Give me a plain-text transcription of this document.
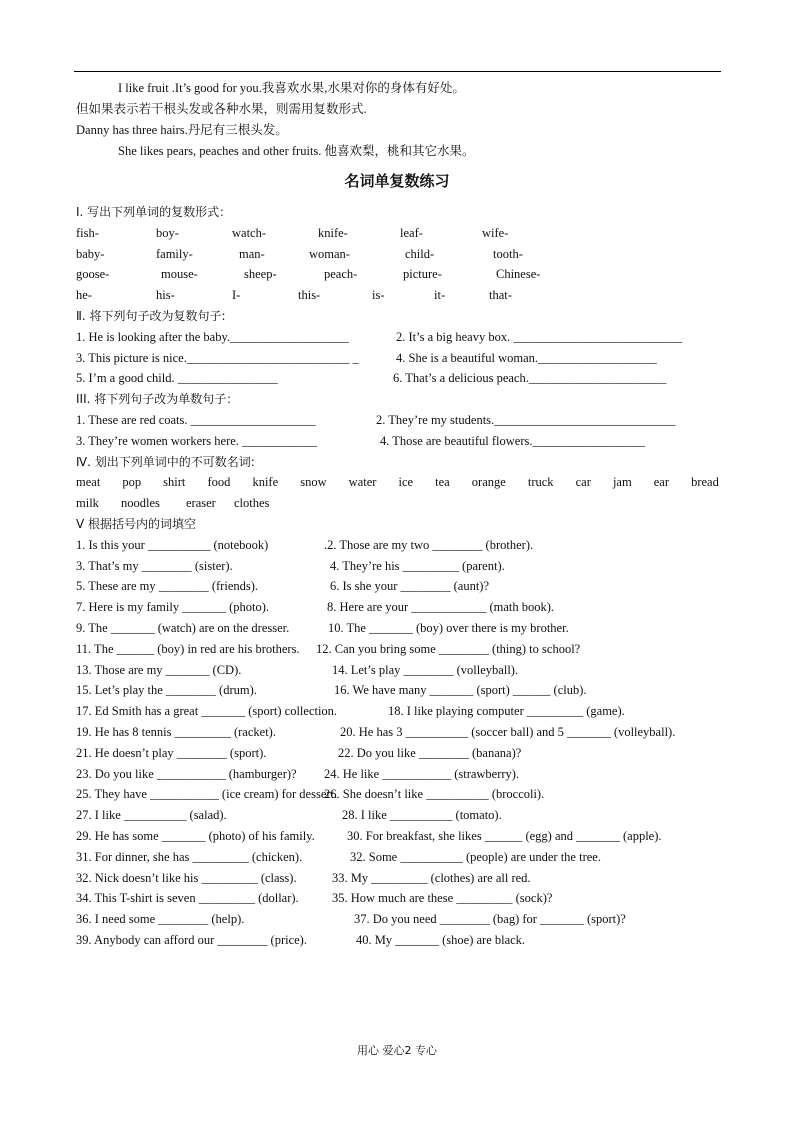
I like fruit .It’s good for you.我喜欢水果,水果对你的身体有好处。
但如果表示若干根头发或各种水果，则需用复数形式.
Danny has three hairs.丹尼有三根头发。
She likes pears, peaches and other fruits. 他喜欢梨，桃和其它水果。
名词单复数练习
Ⅰ. 写出下列单词的复数形式：
fish-	boy-	watch-	knife-	leaf-	wife-
baby-	family-	man-	woman-	child-	tooth-
goose-	mouse-	sheep-	peach-	picture-	Chinese-
he-	his-	I-	this-	is-	it-	that-
Ⅱ. 将下列句子改为复数句子:
1. He is looking after the baby.___________________	2. It’s a big heavy box. ___________________________
3. This picture is nice.__________________________ _	4. She is a beautiful woman.___________________
5. I’m a good child. ________________	6. That’s a delicious peach.______________________
III. 将下列句子改为单数句子：
1. These are red coats. ____________________	2. They’re my students._____________________________
3. They’re women workers here. ____________	4. Those are beautiful flowers.__________________
Ⅳ. 划出下列单词中的不可数名词:
meat pop shirt food knife snow water ice tea orange truck car jam ear bread
milk noodles eraser clothes
Ⅴ 根据括号内的词填空
1. Is this your __________ (notebook)	.2. Those are my two ________ (brother).
3. That’s my ________ (sister).	4. They’re his _________ (parent).
5. These are my ________ (friends).	6. Is she your ________ (aunt)?
7. Here is my family _______ (photo).	8. Here are your ____________ (math book).
9. The _______ (watch) are on the dresser.	10. The _______ (boy) over there is my brother.
11. The ______ (boy) in red are his brothers. 12. Can you bring some ________ (thing) to school?
13. Those are my _______ (CD).	14. Let’s play ________ (volleyball).
15. Let’s play the ________ (drum).	16. We have many _______ (sport) ______ (club).
17. Ed Smith has a great _______ (sport) collection.	18. I like playing computer _________ (game).
19. He has 8 tennis _________ (racket).	20. He has 3 __________ (soccer ball) and 5 _______ (volleyball).
21. He doesn’t play ________ (sport).	22. Do you like ________ (banana)?
23. Do you like ___________ (hamburger)? 24. He like ___________ (strawberry).
25. They have ___________ (ice cream) for dessert.
26. She doesn’t like __________ (broccoli).
27. I like __________ (salad).	28. I like __________ (tomato).
29. He has some _______ (photo) of his family.	30. For breakfast, she likes ______ (egg) and _______ (apple).
31. For dinner, she has _________ (chicken).	32. Some __________ (people) are under the tree.
32. Nick doesn’t like his _________ (class).	33. My _________ (clothes) are all red.
34. This T-shirt is seven _________ (dollar).	35. How much are these _________ (sock)?
36. I need some ________ (help).	37. Do you need ________ (bag) for _______ (sport)?
39. Anybody can afford our ________ (price).	40. My _______ (shoe) are black.
用心 爱心2 专心
